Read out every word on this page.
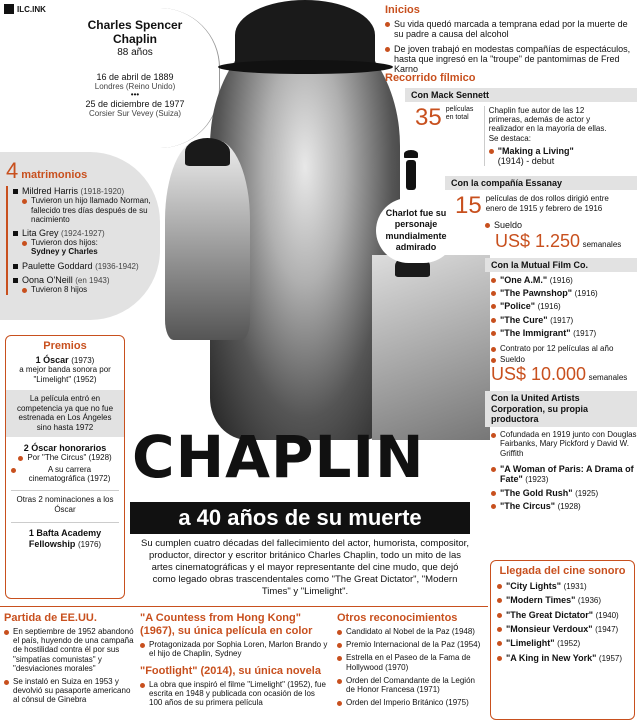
ILC.INK
Charles Spencer Chaplin
88 años
16 de abril de 1889
Londres (Reino Unido)
•••
25 de diciembre de 1977
Corsier Sur Vevey (Suiza)
Charlot fue su personaje mundialmente admirado
4 matrimonios
Mildred Harris (1918-1920)
Tuvieron un hijo llamado Norman, fallecido tres días después de su nacimiento
Lita Grey (1924-1927)
Tuvieron dos hijos:
Sydney y Charles
Paulette Goddard (1936-1942)
Oona O'Neill (en 1943)
Tuvieron 8 hijos
Premios
1 Óscar (1973)
a mejor banda sonora por "Limelight" (1952)
La película entró en competencia ya que no fue estrenada en Los Ángeles sino hasta 1972
2 Óscar honorarios
Por "The Circus" (1928)
A su carrera cinematográfica (1972)
Otras 2 nominaciones a los Óscar
1 Bafta Academy Fellowship (1976)
CHAPLIN
a 40 años de su muerte
Su cumplen cuatro décadas del fallecimiento del actor, humorista, compositor, productor, director y escritor británico Charles Chaplin, todo un mito de las artes cinematográficas y el mayor representante del cine mudo, que dejó como legado obras trascendentales como "The Great Dictator", "Modern Times" y "Limelight".
Inicios
Su vida quedó marcada a temprana edad por la muerte de su padre a causa del alcohol
De joven trabajó en modestas compañías de espectáculos, hasta que ingresó en la "troupe" de pantomimas de Fred Karno
Recorrido fílmico
Con Mack Sennett
35 películas en total
Chaplin fue autor de las 12 primeras, además de actor y realizador en la mayoría de ellas. Se destaca:
"Making a Living"
(1914) - debut
Con la compañía Essanay
15 películas de dos rollos dirigió entre enero de 1915 y febrero de 1916
Sueldo
US$ 1.250 semanales
Con la Mutual Film Co.
"One A.M." (1916)
"The Pawnshop" (1916)
"Police" (1916)
"The Cure" (1917)
"The Immigrant" (1917)
Contrato por 12 películas al año
Sueldo
US$ 10.000 semanales
Con la United Artists Corporation, su propia productora
Cofundada en 1919 junto con Douglas Fairbanks, Mary Pickford y David W. Griffith
"A Woman of Paris: A Drama of Fate" (1923)
"The Gold Rush" (1925)
"The Circus" (1928)
Llegada del cine sonoro
"City Lights" (1931)
"Modern Times" (1936)
"The Great Dictator" (1940)
"Monsieur Verdoux" (1947)
"Limelight" (1952)
"A King in New York" (1957)
Partida de EE.UU.
En septiembre de 1952 abandonó el país, huyendo de una campaña de hostilidad contra él por sus "simpatías comunistas" y "desviaciones morales"
Se instaló en Suiza en 1953 y devolvió su pasaporte americano al cónsul de Ginebra
"A Countess from Hong Kong" (1967), su única película en color
Protagonizada por Sophia Loren, Marlon Brando y el hijo de Chaplin, Sydney
"Footlight" (2014), su única novela
La obra que inspiró el filme "Limelight" (1952), fue escrita en 1948 y publicada con ocasión de los 100 años de su primera película
Otros reconocimientos
Candidato al Nobel de la Paz (1948)
Premio Internacional de la Paz (1954)
Estrella en el Paseo de la Fama de Hollywood (1970)
Orden del Comandante de la Legión de Honor Francesa (1971)
Orden del Imperio Británico (1975)
